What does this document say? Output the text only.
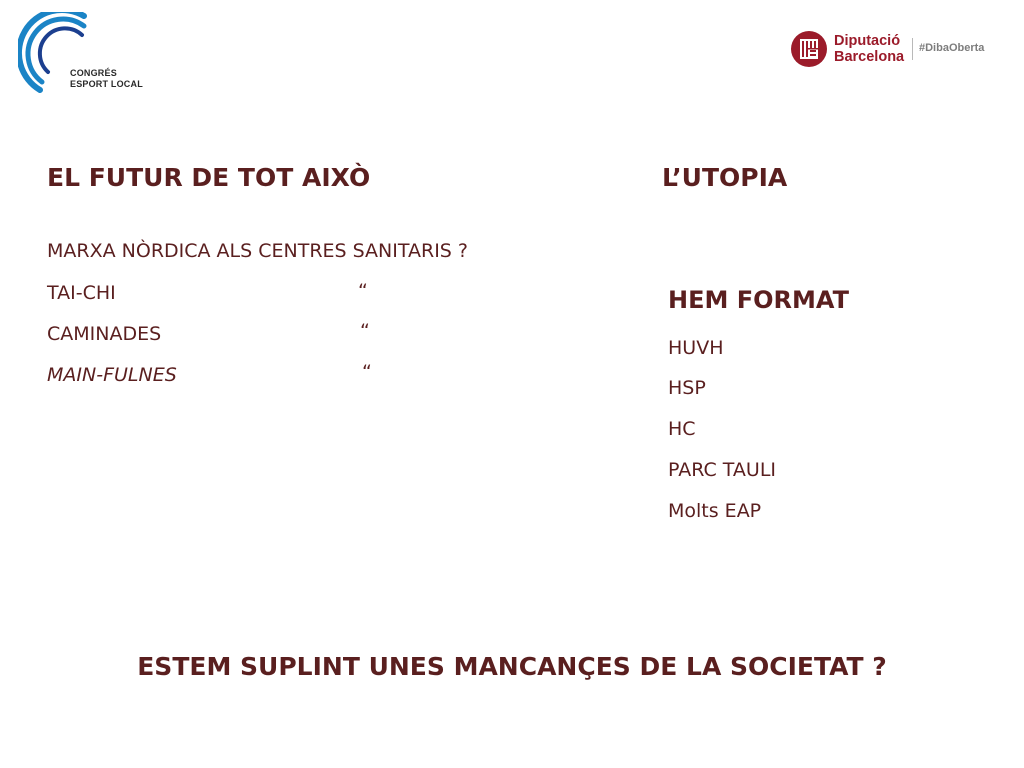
CONGRÉS
ESPORT LOCAL
Diputació
Barcelona
#DibaOberta
EL FUTUR DE TOT AIXÒ
MARXA NÒRDICA ALS CENTRES SANITARIS ?
TAI-CHI	“
CAMINADES	“
MAIN-FULNES	“
L’UTOPIA
HEM FORMAT
HUVH
HSP
HC
PARC TAULI
Molts EAP
ESTEM SUPLINT UNES MANCANÇES DE LA SOCIETAT ?
